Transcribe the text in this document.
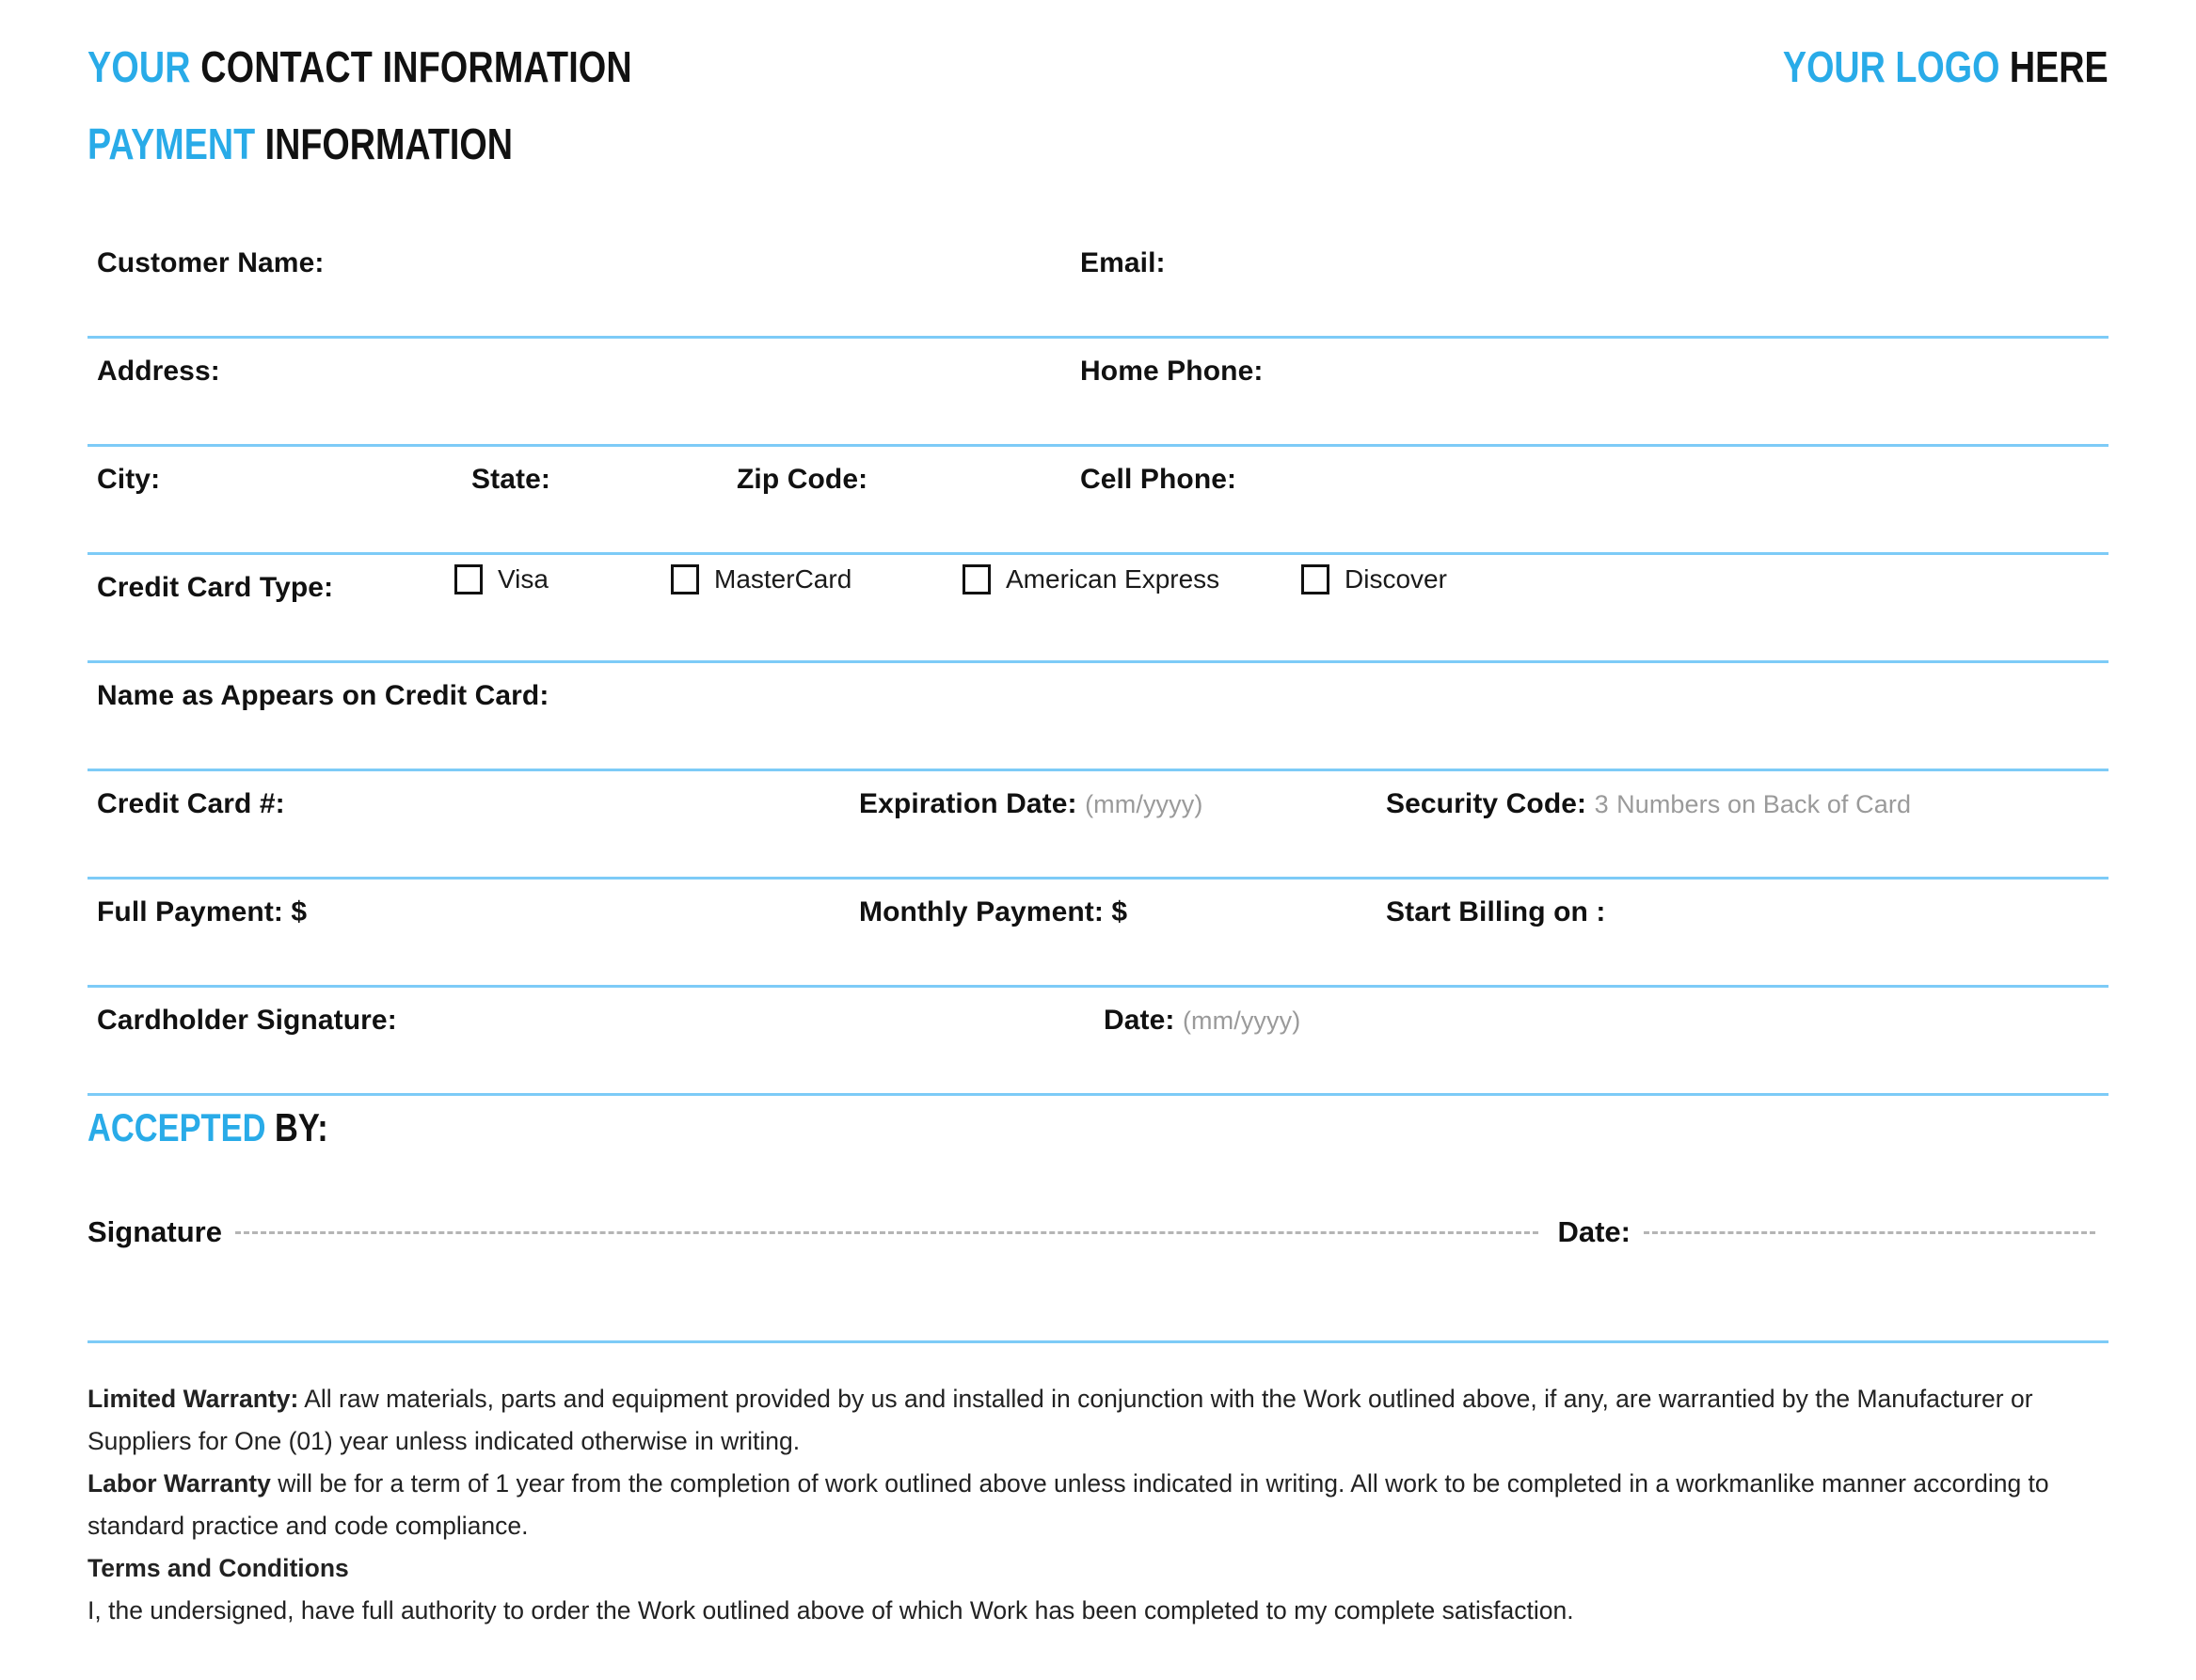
YOUR CONTACT INFORMATION	YOUR LOGO HERE
PAYMENT INFORMATION
Customer Name:	Email:
Address:	Home Phone:
City:	State:	Zip Code:	Cell Phone:
Credit Card Type:	Visa	MasterCard	American Express	Discover
Name as Appears on Credit Card:
Credit Card #:	Expiration Date: (mm/yyyy)	Security Code: 3 Numbers on Back of Card
Full Payment: $	Monthly Payment: $	Start Billing on :
Cardholder Signature:	Date: (mm/yyyy)
ACCEPTED BY:
Signature	Date:

Limited Warranty: All raw materials, parts and equipment provided by us and installed in conjunction with the Work outlined above, if any, are warrantied by the Manufacturer or Suppliers for One (01) year unless indicated otherwise in writing.

Labor Warranty will be for a term of 1 year from the completion of work outlined above unless indicated in writing. All work to be completed in a workmanlike manner according to standard practice and code compliance.

Terms and Conditions

I, the undersigned, have full authority to order the Work outlined above of which Work has been completed to my complete satisfaction.
